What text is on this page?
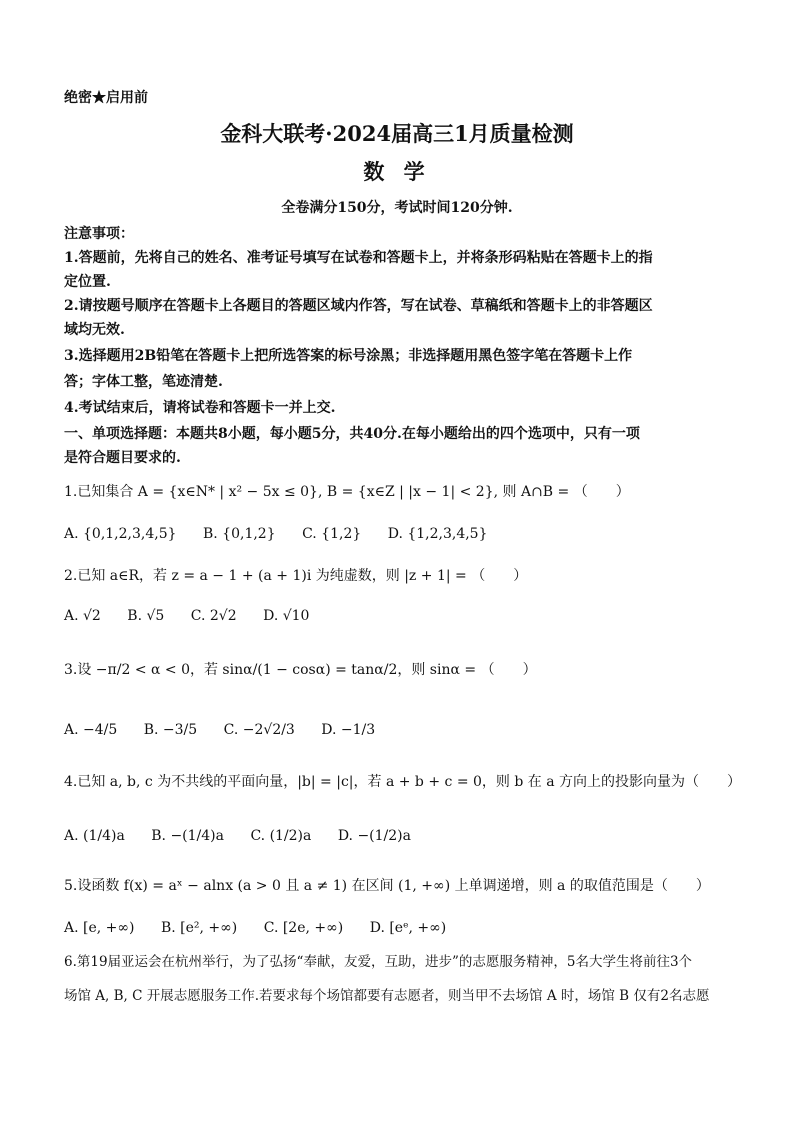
绝密★启用前
金科大联考·2024届高三1月质量检测
数 学
全卷满分150分，考试时间120分钟.
注意事项：
1.答题前，先将自己的姓名、准考证号填写在试卷和答题卡上，并将条形码粘贴在答题卡上的指
定位置.
2.请按题号顺序在答题卡上各题目的答题区域内作答，写在试卷、草稿纸和答题卡上的非答题区
域均无效.
3.选择题用2B铅笔在答题卡上把所选答案的标号涂黑；非选择题用黑色签字笔在答题卡上作
答；字体工整，笔迹清楚.
4.考试结束后，请将试卷和答题卡一并上交.
一、单项选择题：本题共8小题，每小题5分，共40分.在每小题给出的四个选项中，只有一项
是符合题目要求的.
1.已知集合 A = {x∈N* | x² − 5x ≤ 0}, B = {x∈Z | |x − 1| < 2}, 则 A∩B = （　　）
A. {0,1,2,3,4,5} B. {0,1,2} C. {1,2} D. {1,2,3,4,5}
2.已知 a∈R，若 z = a − 1 + (a + 1)i 为纯虚数，则 |z + 1| = （　　）
A. √2 B. √5 C. 2√2 D. √10
3.设 −π/2 < α < 0，若 sinα/(1 − cosα) = tanα/2，则 sinα = （　　）
A. −4/5 B. −3/5 C. −2√2/3 D. −1/3
4.已知 a, b, c 为不共线的平面向量，|b| = |c|，若 a + b + c = 0，则 b 在 a 方向上的投影向量为（　　）
A. (1/4)a B. −(1/4)a C. (1/2)a D. −(1/2)a
5.设函数 f(x) = aˣ − alnx (a > 0 且 a ≠ 1) 在区间 (1, +∞) 上单调递增，则 a 的取值范围是（　　）
A. [e, +∞) B. [e², +∞) C. [2e, +∞) D. [eᵉ, +∞)
6.第19届亚运会在杭州举行，为了弘扬“奉献，友爱，互助，进步”的志愿服务精神，5名大学生将前往3个
场馆 A, B, C 开展志愿服务工作.若要求每个场馆都要有志愿者，则当甲不去场馆 A 时，场馆 B 仅有2名志愿
